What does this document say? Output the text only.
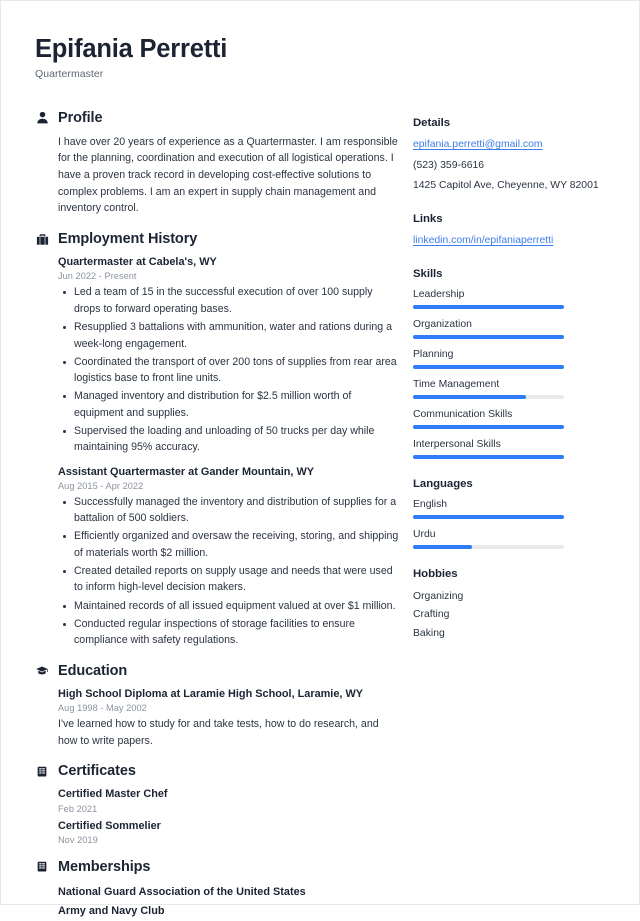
Epifania Perretti
Quartermaster
Profile
I have over 20 years of experience as a Quartermaster. I am responsible for the planning, coordination and execution of all logistical operations. I have a proven track record in developing cost-effective solutions to complex problems. I am an expert in supply chain management and inventory control.
Employment History
Quartermaster at Cabela's, WY
Jun 2022 - Present
Led a team of 15 in the successful execution of over 100 supply drops to forward operating bases.
Resupplied 3 battalions with ammunition, water and rations during a week-long engagement.
Coordinated the transport of over 200 tons of supplies from rear area logistics base to front line units.
Managed inventory and distribution for $2.5 million worth of equipment and supplies.
Supervised the loading and unloading of 50 trucks per day while maintaining 95% accuracy.
Assistant Quartermaster at Gander Mountain, WY
Aug 2015 - Apr 2022
Successfully managed the inventory and distribution of supplies for a battalion of 500 soldiers.
Efficiently organized and oversaw the receiving, storing, and shipping of materials worth $2 million.
Created detailed reports on supply usage and needs that were used to inform high-level decision makers.
Maintained records of all issued equipment valued at over $1 million.
Conducted regular inspections of storage facilities to ensure compliance with safety regulations.
Education
High School Diploma at Laramie High School, Laramie, WY
Aug 1998 - May 2002
I've learned how to study for and take tests, how to do research, and how to write papers.
Certificates
Certified Master Chef
Feb 2021
Certified Sommelier
Nov 2019
Memberships
National Guard Association of the United States
Army and Navy Club
Details
epifania.perretti@gmail.com
(523) 359-6616
1425 Capitol Ave, Cheyenne, WY 82001
Links
linkedin.com/in/epifaniaperretti
Skills
Leadership
Organization
Planning
Time Management
Communication Skills
Interpersonal Skills
Languages
English
Urdu
Hobbies
Organizing
Crafting
Baking
